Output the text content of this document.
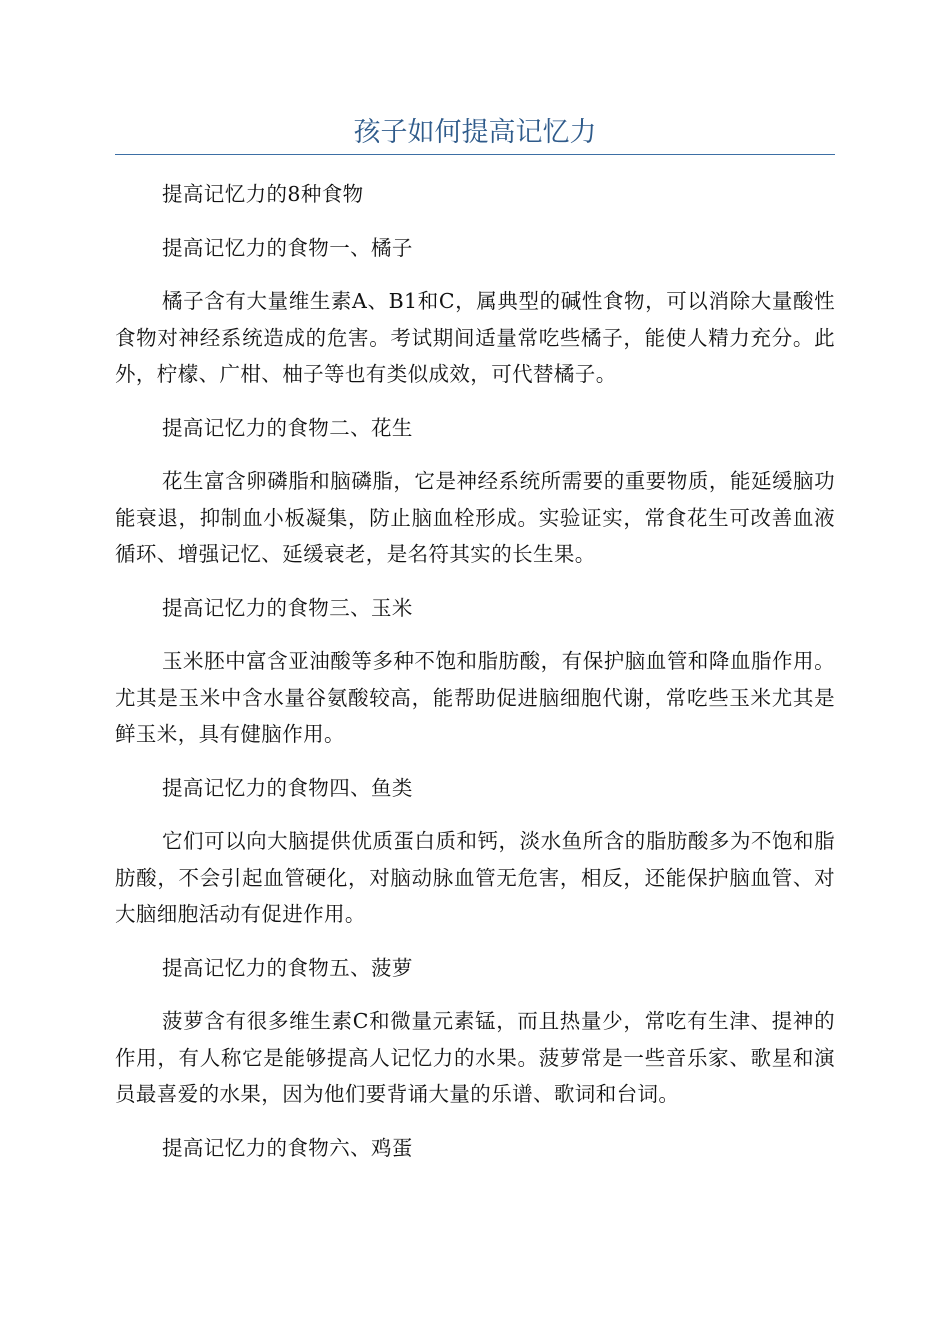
孩子如何提高记忆力

提高记忆力的8种食物

提高记忆力的食物一、橘子

橘子含有大量维生素A、B1和C，属典型的碱性食物，可以消除大量酸性食物对神经系统造成的危害。考试期间适量常吃些橘子，能使人精力充分。此外，柠檬、广柑、柚子等也有类似成效，可代替橘子。

提高记忆力的食物二、花生

花生富含卵磷脂和脑磷脂，它是神经系统所需要的重要物质，能延缓脑功能衰退，抑制血小板凝集，防止脑血栓形成。实验证实，常食花生可改善血液循环、增强记忆、延缓衰老，是名符其实的长生果。

提高记忆力的食物三、玉米

玉米胚中富含亚油酸等多种不饱和脂肪酸，有保护脑血管和降血脂作用。尤其是玉米中含水量谷氨酸较高，能帮助促进脑细胞代谢，常吃些玉米尤其是鲜玉米，具有健脑作用。

提高记忆力的食物四、鱼类

它们可以向大脑提供优质蛋白质和钙，淡水鱼所含的脂肪酸多为不饱和脂肪酸，不会引起血管硬化，对脑动脉血管无危害，相反，还能保护脑血管、对大脑细胞活动有促进作用。

提高记忆力的食物五、菠萝

菠萝含有很多维生素C和微量元素锰，而且热量少，常吃有生津、提神的作用，有人称它是能够提高人记忆力的水果。菠萝常是一些音乐家、歌星和演员最喜爱的水果，因为他们要背诵大量的乐谱、歌词和台词。

提高记忆力的食物六、鸡蛋
